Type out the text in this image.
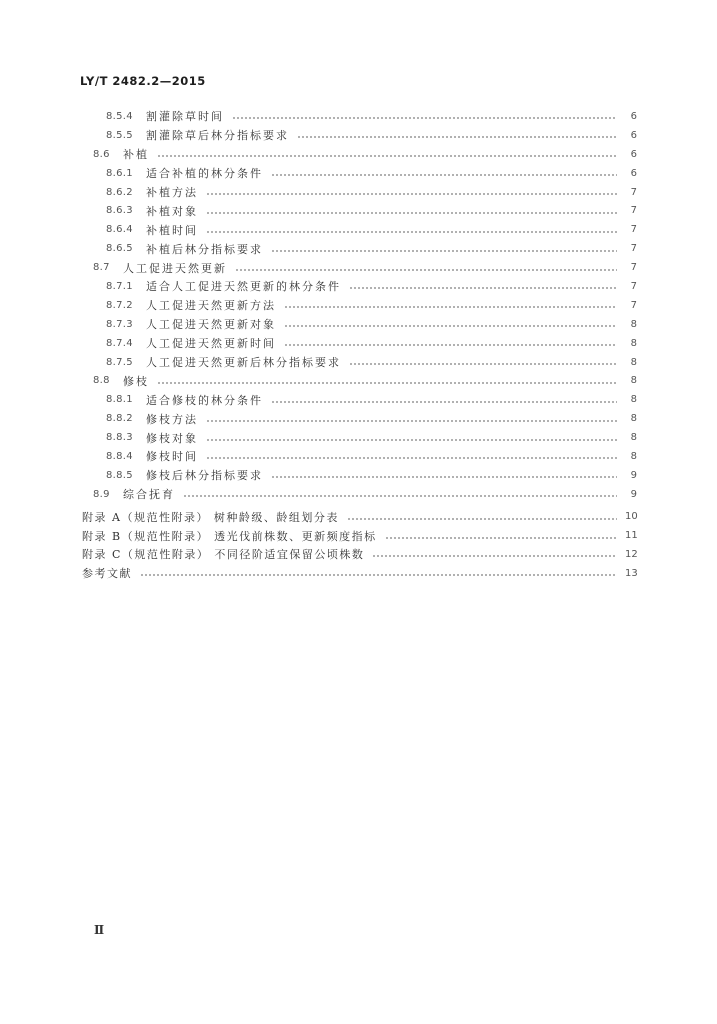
LY/T 2482.2—2015
8.5.4	割灌除草时间	6
8.5.5	割灌除草后林分指标要求	6
8.6	补植	6
8.6.1	适合补植的林分条件	6
8.6.2	补植方法	7
8.6.3	补植对象	7
8.6.4	补植时间	7
8.6.5	补植后林分指标要求	7
8.7	人工促进天然更新	7
8.7.1	适合人工促进天然更新的林分条件	7
8.7.2	人工促进天然更新方法	7
8.7.3	人工促进天然更新对象	8
8.7.4	人工促进天然更新时间	8
8.7.5	人工促进天然更新后林分指标要求	8
8.8	修枝	8
8.8.1	适合修枝的林分条件	8
8.8.2	修枝方法	8
8.8.3	修枝对象	8
8.8.4	修枝时间	8
8.8.5	修枝后林分指标要求	9
8.9	综合抚育	9
附录 A（规范性附录） 树种龄级、龄组划分表	10
附录 B（规范性附录） 透光伐前株数、更新频度指标	11
附录 C（规范性附录） 不同径阶适宜保留公顷株数	12
参考文献	13
Ⅱ
